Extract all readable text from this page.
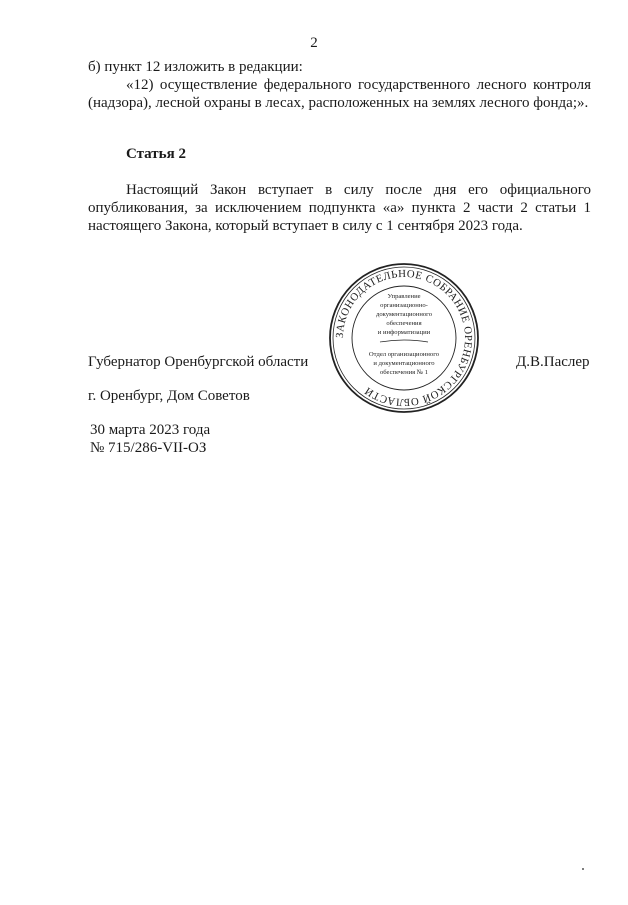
2
б) пункт 12 изложить в редакции:
«12) осуществление федерального государственного лесного контроля (надзора), лесной охраны в лесах, расположенных на землях лесного фонда;».
Статья 2
Настоящий Закон вступает в силу после дня его официального опубликования, за исключением подпункта «а» пункта 2 части 2 статьи 1 настоящего Закона, который вступает в силу с 1 сентября 2023 года.
ЗАКОНОДАТЕЛЬНОЕ СОБРАНИЕ ОРЕНБУРГСКОЙ ОБЛАСТИ
Управление
организационно-
документационного
обеспечения
и информатизации
Отдел организационного
и документационного
обеспечения № 1
Губернатор Оренбургской области	Д.В.Паслер
г. Оренбург, Дом Советов
30 марта 2023 года
№ 715/286-VII-ОЗ
